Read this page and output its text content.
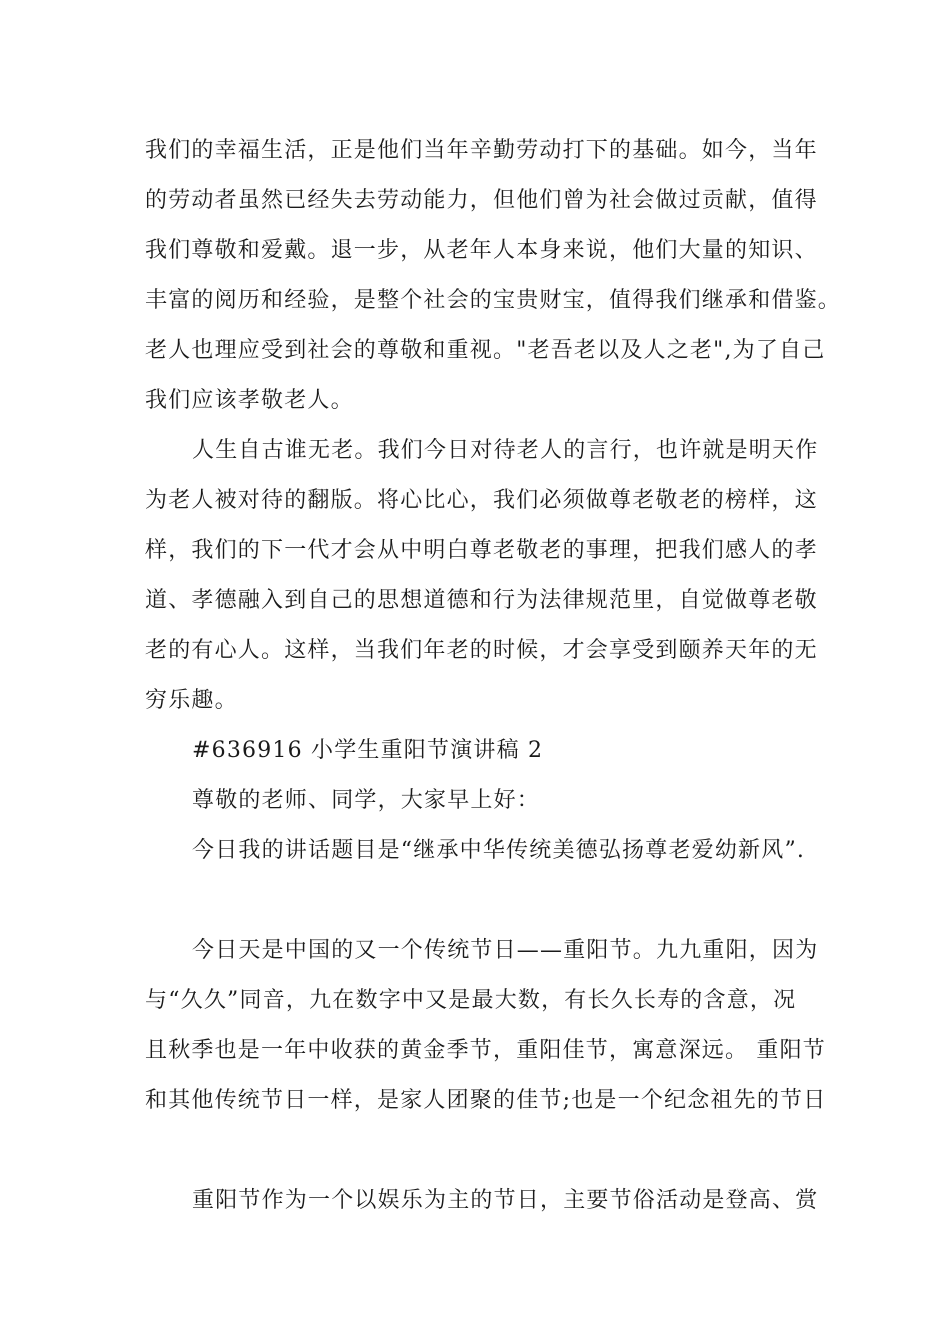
我们的幸福生活，正是他们当年辛勤劳动打下的基础。如今，当年
的劳动者虽然已经失去劳动能力，但他们曾为社会做过贡献，值得
我们尊敬和爱戴。退一步，从老年人本身来说，他们大量的知识、
丰富的阅历和经验，是整个社会的宝贵财宝，值得我们继承和借鉴。
老人也理应受到社会的尊敬和重视。"老吾老以及人之老",为了自己
我们应该孝敬老人。
人生自古谁无老。我们今日对待老人的言行，也许就是明天作
为老人被对待的翻版。将心比心，我们必须做尊老敬老的榜样，这
样，我们的下一代才会从中明白尊老敬老的事理，把我们感人的孝
道、孝德融入到自己的思想道德和行为法律规范里，自觉做尊老敬
老的有心人。这样，当我们年老的时候，才会享受到颐养天年的无
穷乐趣。
#636916 小学生重阳节演讲稿 2
尊敬的老师、同学，大家早上好：
今日我的讲话题目是“继承中华传统美德弘扬尊老爱幼新风”.
今日天是中国的又一个传统节日——重阳节。九九重阳，因为
与“久久”同音，九在数字中又是最大数，有长久长寿的含意，况
且秋季也是一年中收获的黄金季节，重阳佳节，寓意深远。 重阳节
和其他传统节日一样，是家人团聚的佳节;也是一个纪念祖先的节日
重阳节作为一个以娱乐为主的节日，主要节俗活动是登高、赏
